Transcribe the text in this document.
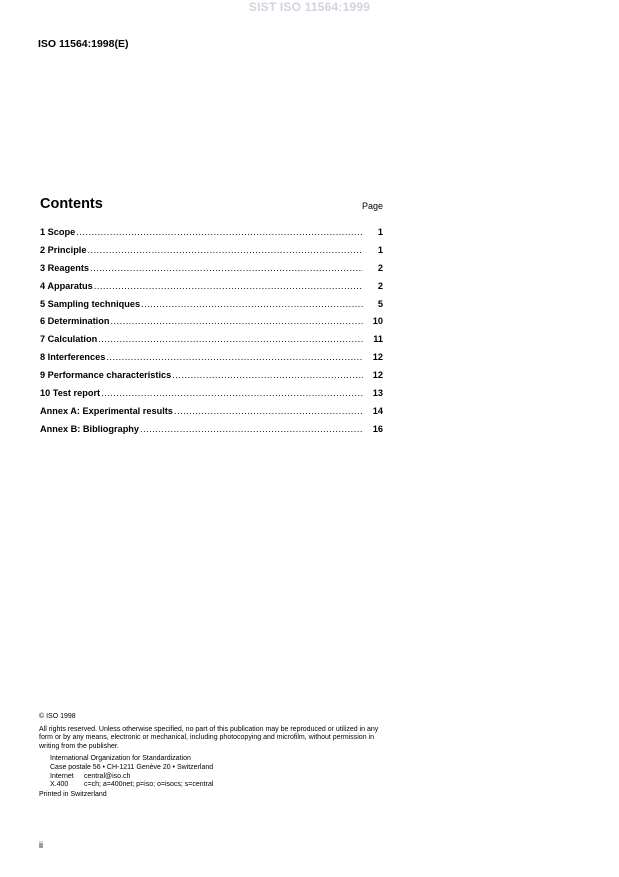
SIST ISO 11564:1999
ISO 11564:1998(E)
Contents	Page
1 Scope .....	1
2 Principle .....	1
3 Reagents .....	2
4 Apparatus .....	2
5 Sampling techniques .....	5
6 Determination .....	10
7 Calculation .....	11
8 Interferences .....	12
9 Performance characteristics .....	12
10 Test report .....	13
Annex A: Experimental results .....	14
Annex B: Bibliography .....	16
© ISO 1998
All rights reserved. Unless otherwise specified, no part of this publication may be reproduced or utilized in any form or by any means, electronic or mechanical, including photocopying and microfilm, without permission in writing from the publisher.
International Organization for Standardization
Case postale 56 • CH-1211 Genève 20 • Switzerland
Internet	central@iso.ch
X.400	c=ch; a=400net; p=iso; o=isocs; s=central
Printed in Switzerland
ii
